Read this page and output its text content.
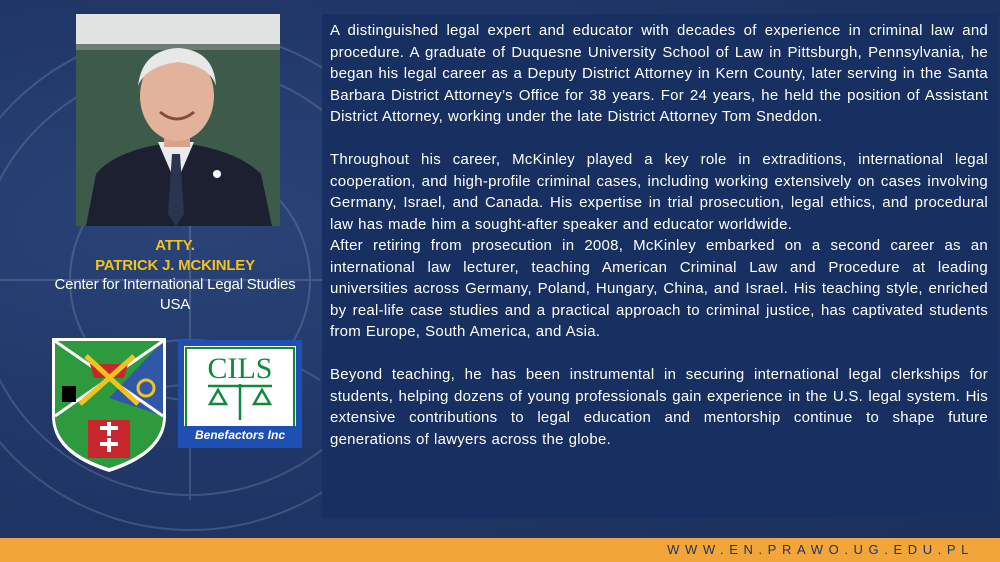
ATTY.
PATRICK J. MCKINLEY
Center for International Legal Studies
USA
CILS
Benefactors Inc

A distinguished legal expert and educator with decades of experience in criminal law and procedure. A graduate of Duquesne University School of Law in Pittsburgh, Pennsylvania, he began his legal career as a Deputy District Attorney in Kern County, later serving in the Santa Barbara District Attorney’s Office for 38 years. For 24 years, he held the position of Assistant District Attorney, working under the late District Attorney Tom Sneddon.

Throughout his career, McKinley played a key role in extraditions, international legal cooperation, and high-profile criminal cases, including working extensively on cases involving Germany, Israel, and Canada. His expertise in trial prosecution, legal ethics, and procedural law has made him a sought-after speaker and educator worldwide.

After retiring from prosecution in 2008, McKinley embarked on a second career as an international law lecturer, teaching American Criminal Law and Procedure at leading universities across Germany, Poland, Hungary, China, and Israel. His teaching style, enriched by real-life case studies and a practical approach to criminal justice, has captivated students from Europe, South America, and Asia.

Beyond teaching, he has been instrumental in securing international legal clerkships for students, helping dozens of young professionals gain experience in the U.S. legal system. His extensive contributions to legal education and mentorship continue to shape future generations of lawyers across the globe.

WWW.EN.PRAWO.UG.EDU.PL
